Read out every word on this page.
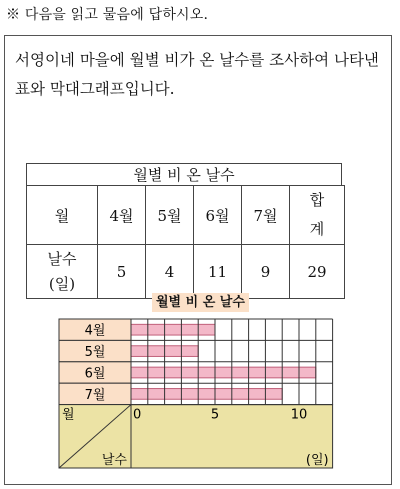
※ 다음을 읽고 물음에 답하시오.
서영이네 마을에 월별 비가 온 날수를 조사하여 나타낸 표와 막대그래프입니다.
월별 비 온 날수
월	4월	5월	6월	7월	합
계

날수
(일)	5	4	11	9	29
월별 비 온 날수
4월
5월
6월
7월
월
날수
0	5	10
(일)
